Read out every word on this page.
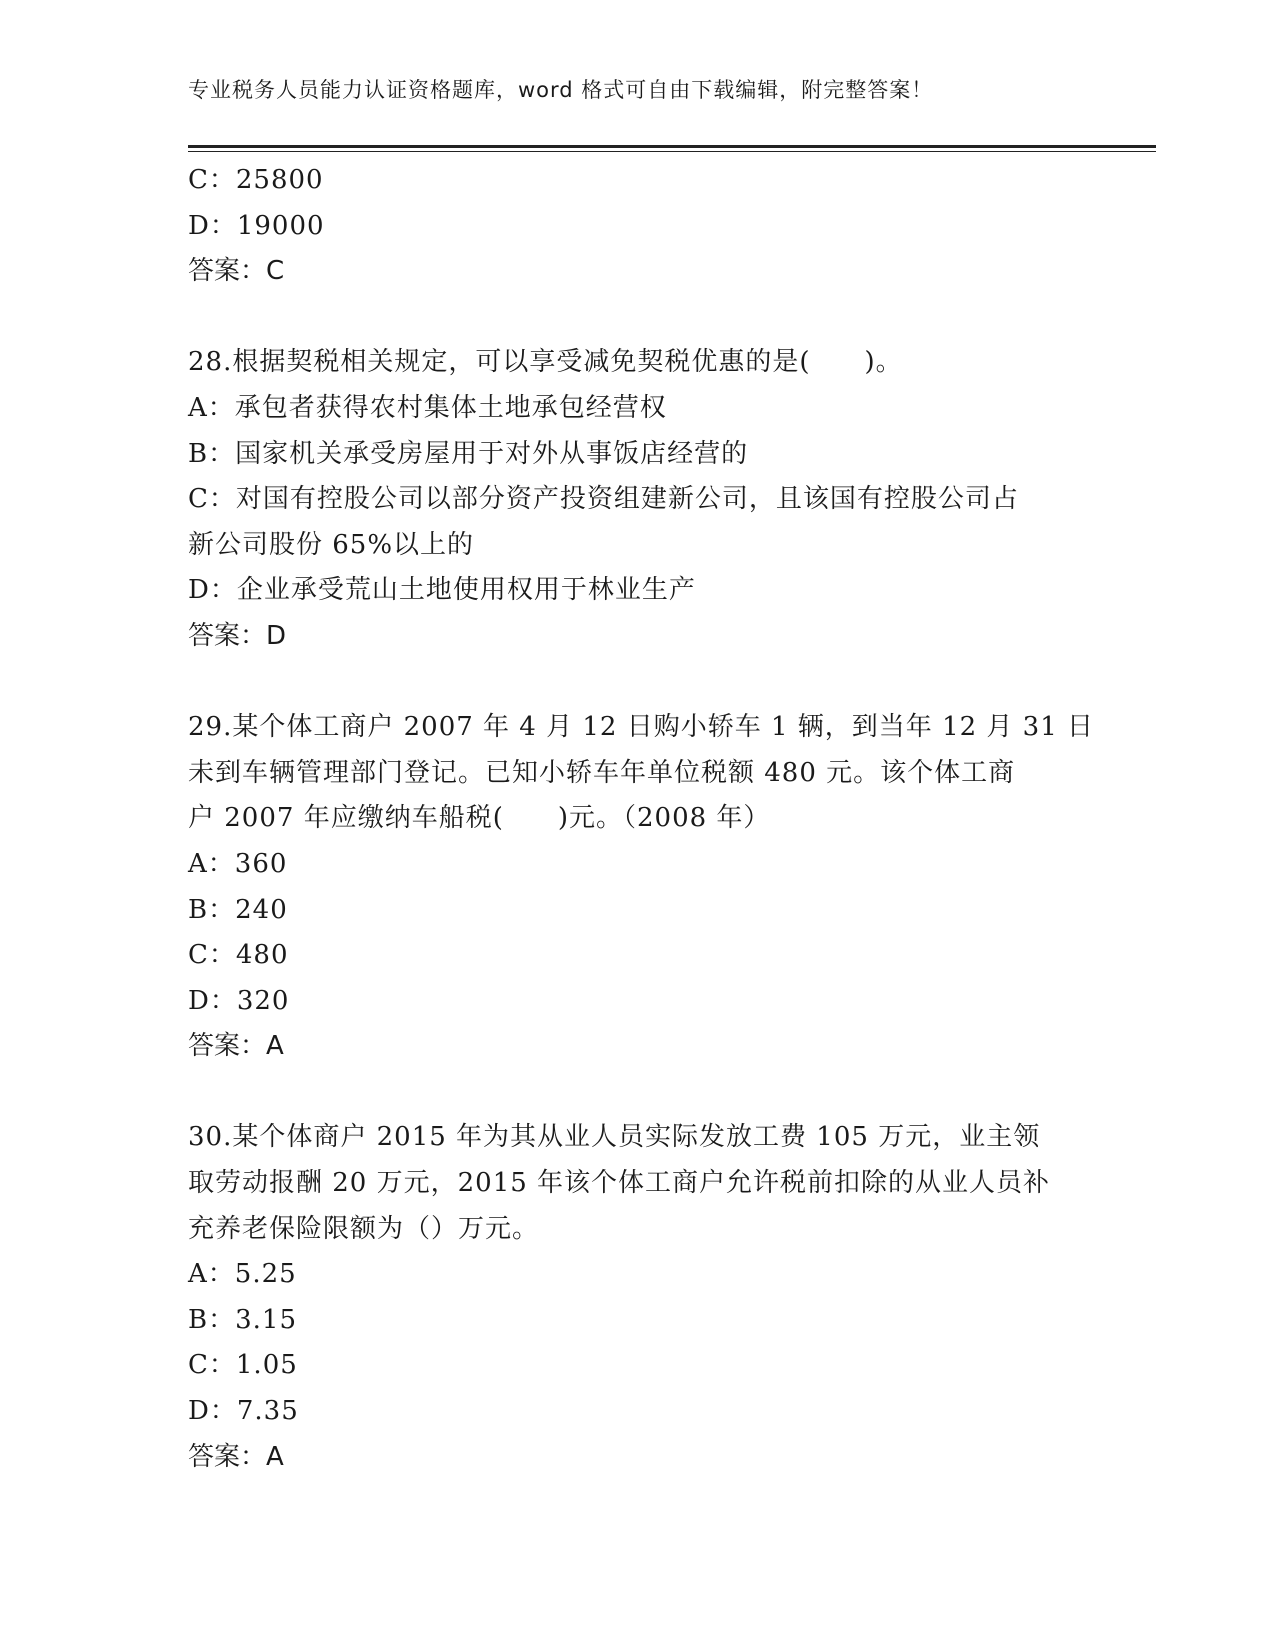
专业税务人员能力认证资格题库，word 格式可自由下载编辑，附完整答案！
C：25800
D：19000
答案：C
28.根据契税相关规定，可以享受减免契税优惠的是(　　)。
A：承包者获得农村集体土地承包经营权
B：国家机关承受房屋用于对外从事饭店经营的
C：对国有控股公司以部分资产投资组建新公司，且该国有控股公司占
新公司股份 65%以上的
D：企业承受荒山土地使用权用于林业生产
答案：D
29.某个体工商户 2007 年 4 月 12 日购小轿车 1 辆，到当年 12 月 31 日
未到车辆管理部门登记。已知小轿车年单位税额 480 元。该个体工商
户 2007 年应缴纳车船税(　　)元。（2008 年）
A：360
B：240
C：480
D：320
答案：A
30.某个体商户 2015 年为其从业人员实际发放工费 105 万元，业主领
取劳动报酬 20 万元，2015 年该个体工商户允许税前扣除的从业人员补
充养老保险限额为（）万元。
A：5.25
B：3.15
C：1.05
D：7.35
答案：A
